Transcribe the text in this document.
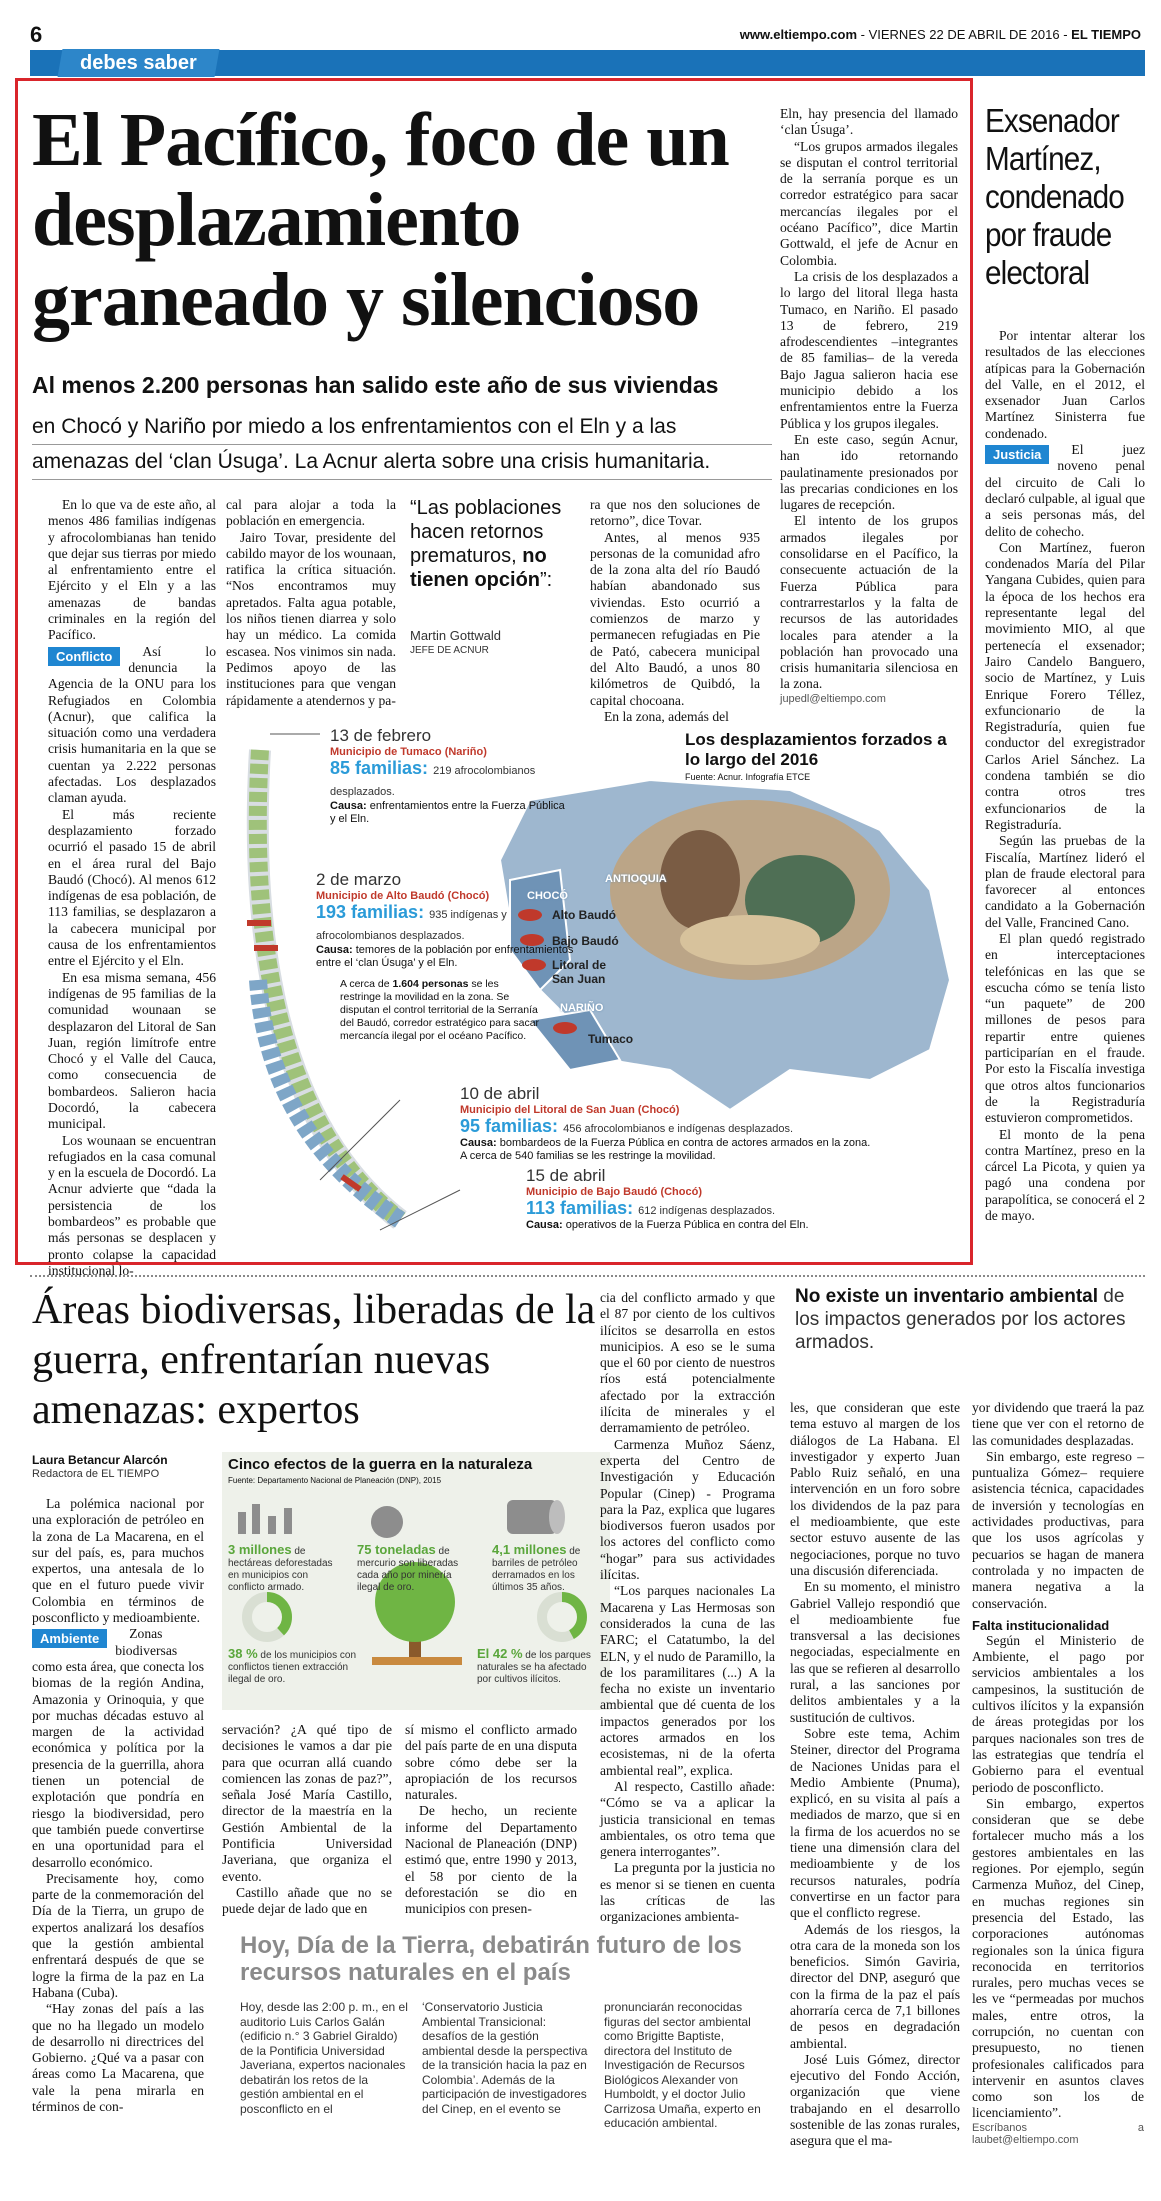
6	www.eltiempo.com - VIERNES 22 DE ABRIL DE 2016 - EL TIEMPO
debes saber
El Pacífico, foco de un desplazamiento graneado y silencioso
Al menos 2.200 personas han salido este año de sus viviendas
en Chocó y Nariño por miedo a los enfrentamientos con el Eln y a las
amenazas del ‘clan Úsuga’. La Acnur alerta sobre una crisis humanitaria.

En lo que va de este año, al menos 486 familias indígenas y afrocolombianas han tenido que dejar sus tierras por miedo al enfrentamiento entre el Ejército y el Eln y a las amenazas de bandas criminales en la región del Pacífico.

Conflicto	Así lo denuncia la Agencia de la ONU para los Refugiados en Colombia (Acnur), que califica la situación como una verdadera crisis humanitaria en la que se cuentan ya 2.222 personas afectadas. Los desplazados claman ayuda.

El más reciente desplazamiento forzado ocurrió el pasado 15 de abril en el área rural del Bajo Baudó (Chocó). Al menos 612 indígenas de esa población, de 113 familias, se desplazaron a la cabecera municipal por causa de los enfrentamientos entre el Ejército y el Eln.

En esa misma semana, 456 indígenas de 95 familias de la comunidad wounaan se desplazaron del Litoral de San Juan, región limítrofe entre Chocó y el Valle del Cauca, como consecuencia de bombardeos. Salieron hacia Docordó, la cabecera municipal.

Los wounaan se encuentran refugiados en la casa comunal y en la escuela de Docordó. La Acnur advierte que “dada la persistencia de los bombardeos” es probable que más personas se desplacen y pronto colapse la capacidad institucional lo-

cal para alojar a toda la población en emergencia.

Jairo Tovar, presidente del cabildo mayor de los wounaan, ratifica la crítica situación. “Nos encontramos muy apretados. Falta agua potable, los niños tienen diarrea y solo hay un médico. La comida escasea. Nos vinimos sin nada. Pedimos apoyo de las instituciones para que vengan rápidamente a atendernos y pa-

“Las poblaciones hacen retornos prematuros, no tienen opción”:
Martin Gottwald
JEFE DE ACNUR

ra que nos den soluciones de retorno”, dice Tovar.

Antes, al menos 935 personas de la comunidad afro de la zona alta del río Baudó habían abandonado sus viviendas. Esto ocurrió a comienzos de marzo y permanecen refugiadas en Pie de Pató, cabecera municipal del Alto Baudó, a unos 80 kilómetros de Quibdó, la capital chocoana.

En la zona, además del

Eln, hay presencia del llamado ‘clan Úsuga’.

“Los grupos armados ilegales se disputan el control territorial de la serranía porque es un corredor estratégico para sacar mercancías ilegales por el océano Pacífico”, dice Martin Gottwald, el jefe de Acnur en Colombia.

La crisis de los desplazados a lo largo del litoral llega hasta Tumaco, en Nariño. El pasado 13 de febrero, 219 afrodescendientes –integrantes de 85 familias– de la vereda Bajo Jagua salieron hacia ese municipio debido a los enfrentamientos entre la Fuerza Pública y los grupos ilegales.

En este caso, según Acnur, han ido retornando paulatinamente presionados por las precarias condiciones en los lugares de recepción.

El intento de los grupos armados ilegales por consolidarse en el Pacífico, la consecuente actuación de la Fuerza Pública para contrarrestarlos y la falta de recursos de las autoridades locales para atender a la población han provocado una crisis humanitaria silenciosa en la zona.

jupedl@eltiempo.com
Los desplazamientos forzados a lo largo del 2016
Fuente: Acnur. Infografía ETCE
13 de febrero
Municipio de Tumaco (Nariño)
85 familias: 219 afrocolombianos desplazados.
Causa: enfrentamientos entre la Fuerza Pública y el Eln.
2 de marzo
Municipio de Alto Baudó (Chocó)
193 familias: 935 indígenas y afrocolombianos desplazados.
Causa: temores de la población por enfrentamientos entre el ‘clan Úsuga’ y el Eln.
A cerca de 1.604 personas se les restringe la movilidad en la zona. Se disputan el control territorial de la Serranía del Baudó, corredor estratégico para sacar mercancía ilegal por el océano Pacífico.
10 de abril
Municipio del Litoral de San Juan (Chocó)
95 familias: 456 afrocolombianos e indígenas desplazados.
Causa: bombardeos de la Fuerza Pública en contra de actores armados en la zona.
A cerca de 540 familias se les restringe la movilidad.
15 de abril
Municipio de Bajo Baudó (Chocó)
113 familias: 612 indígenas desplazados.
Causa: operativos de la Fuerza Pública en contra del Eln.
ANTIOQUIA
CHOCÓ
NARIÑO
Alto Baudó
Bajo Baudó
Litoral de San Juan
Tumaco
Exsenador Martínez, condenado por fraude electoral

Por intentar alterar los resultados de las elecciones atípicas para la Gobernación del Valle, en el 2012, el exsenador Juan Carlos Martínez Sinisterra fue condenado.

Justicia	El juez noveno penal del circuito de Cali lo declaró culpable, al igual que a seis personas más, del delito de cohecho.

Con Martínez, fueron condenados María del Pilar Yangana Cubides, quien para la época de los hechos era representante legal del movimiento MIO, al que pertenecía el exsenador; Jairo Candelo Banguero, socio de Martínez, y Luis Enrique Forero Téllez, exfuncionario de la Registraduría, quien fue conductor del exregistrador Carlos Ariel Sánchez. La condena también se dio contra otros tres exfuncionarios de la Registraduría.

Según las pruebas de la Fiscalía, Martínez lideró el plan de fraude electoral para favorecer al entonces candidato a la Gobernación del Valle, Francined Cano.

El plan quedó registrado en interceptaciones telefónicas en las que se escucha cómo se tenía listo “un paquete” de 200 millones de pesos para repartir entre quienes participarían en el fraude. Por esto la Fiscalía investiga que otros altos funcionarios de la Registraduría estuvieron comprometidos.

El monto de la pena contra Martínez, preso en la cárcel La Picota, y quien ya pagó una condena por parapolítica, se conocerá el 2 de mayo.

Áreas biodiversas, liberadas de la guerra, enfrentarían nuevas amenazas: expertos
Laura Betancur Alarcón
Redactora de EL TIEMPO

La polémica nacional por una exploración de petróleo en la zona de La Macarena, en el sur del país, es, para muchos expertos, una antesala de lo que en el futuro puede vivir Colombia en términos de posconflicto y medioambiente.

Ambiente	Zonas biodiversas como esta área, que conecta los biomas de la región Andina, Amazonia y Orinoquia, y que por muchas décadas estuvo al margen de la actividad económica y política por la presencia de la guerrilla, ahora tienen un potencial de explotación que pondría en riesgo la biodiversidad, pero que también puede convertirse en una oportunidad para el desarrollo económico.

Precisamente hoy, como parte de la conmemoración del Día de la Tierra, un grupo de expertos analizará los desafíos que la gestión ambiental enfrentará después de que se logre la firma de la paz en La Habana (Cuba).

“Hay zonas del país a las que no ha llegado un modelo de desarrollo ni directrices del Gobierno. ¿Qué va a pasar con áreas como La Macarena, que vale la pena mirarla en términos de con-

Cinco efectos de la guerra en la naturaleza
Fuente: Departamento Nacional de Planeación (DNP), 2015
3 millones de hectáreas deforestadas en municipios con conflicto armado.
75 toneladas de mercurio son liberadas cada año por minería ilegal de oro.
4,1 millones de barriles de petróleo derramados en los últimos 35 años.
38 % de los municipios con conflictos tienen extracción ilegal de oro.
El 42 % de los parques naturales se ha afectado por cultivos ilícitos.

servación? ¿A qué tipo de decisiones le vamos a dar pie para que ocurran allá cuando comiencen las zonas de paz?”, señala José María Castillo, director de la maestría en la Gestión Ambiental de la Pontificia Universidad Javeriana, que organiza el evento.

Castillo añade que no se puede dejar de lado que en

sí mismo el conflicto armado del país parte de en una disputa sobre cómo debe ser la apropiación de los recursos naturales.

De hecho, un reciente informe del Departamento Nacional de Planeación (DNP) estimó que, entre 1990 y 2013, el 58 por ciento de la deforestación se dio en municipios con presen-

cia del conflicto armado y que el 87 por ciento de los cultivos ilícitos se desarrolla en estos municipios. A eso se le suma que el 60 por ciento de nuestros ríos está potencialmente afectado por la extracción ilícita de minerales y el derramamiento de petróleo.

Carmenza Muñoz Sáenz, experta del Centro de Investigación y Educación Popular (Cinep) - Programa para la Paz, explica que lugares biodiversos fueron usados por los actores del conflicto como “hogar” para sus actividades ilícitas.

“Los parques nacionales La Macarena y Las Hermosas son considerados la cuna de las FARC; el Catatumbo, la del ELN, y el nudo de Paramillo, la de los paramilitares (...) A la fecha no existe un inventario ambiental que dé cuenta de los impactos generados por los actores armados en los ecosistemas, ni de la oferta ambiental real”, explica.

Al respecto, Castillo añade: “Cómo se va a aplicar la justicia transicional en temas ambientales, os otro tema que genera interrogantes”.

La pregunta por la justicia no es menor si se tienen en cuenta las críticas de las organizaciones ambienta-

No existe un inventario ambiental de los impactos generados por los actores armados.

les, que consideran que este tema estuvo al margen de los diálogos de La Habana. El investigador y experto Juan Pablo Ruiz señaló, en una intervención en un foro sobre los dividendos de la paz para el medioambiente, que este sector estuvo ausente de las negociaciones, porque no tuvo una discusión diferenciada.

En su momento, el ministro Gabriel Vallejo respondió que el medioambiente fue transversal a las decisiones negociadas, especialmente en las que se refieren al desarrollo rural, a las sanciones por delitos ambientales y a la sustitución de cultivos.

Sobre este tema, Achim Steiner, director del Programa de Naciones Unidas para el Medio Ambiente (Pnuma), explicó, en su visita al país a mediados de marzo, que si en la firma de los acuerdos no se tiene una dimensión clara del medioambiente y de los recursos naturales, podría convertirse en un factor para que el conflicto regrese.

Además de los riesgos, la otra cara de la moneda son los beneficios. Simón Gaviria, director del DNP, aseguró que con la firma de la paz el país ahorraría cerca de 7,1 billones de pesos en degradación ambiental.

José Luis Gómez, director ejecutivo del Fondo Acción, organización que viene trabajando en el desarrollo sostenible de las zonas rurales, asegura que el ma-

yor dividendo que traerá la paz tiene que ver con el retorno de las comunidades desplazadas.

Sin embargo, este regreso –puntualiza Gómez– requiere asistencia técnica, capacidades de inversión y tecnologías en actividades productivas, para que los usos agrícolas y pecuarios se hagan de manera controlada y no impacten de manera negativa a la conservación.

Falta institucionalidad

Según el Ministerio de Ambiente, el pago por servicios ambientales a los campesinos, la sustitución de cultivos ilícitos y la expansión de áreas protegidas por los parques nacionales son tres de las estrategias que tendría el Gobierno para el eventual periodo de posconflicto.

Sin embargo, expertos consideran que se debe fortalecer mucho más a los gestores ambientales en las regiones. Por ejemplo, según Carmenza Muñoz, del Cinep, en muchas regiones sin presencia del Estado, las corporaciones autónomas regionales son la única figura reconocida en territorios rurales, pero muchas veces se les ve “permeadas por muchos males, entre otros, la corrupción, no cuentan con presupuesto, no tienen profesionales calificados para intervenir en asuntos claves como son los de licenciamiento”.

Escríbanos a laubet@eltiempo.com
Hoy, Día de la Tierra, debatirán futuro de los recursos naturales en el país
Hoy, desde las 2:00 p. m., en el auditorio Luis Carlos Galán (edificio n.° 3 Gabriel Giraldo) de la Pontificia Universidad Javeriana, expertos nacionales debatirán los retos de la gestión ambiental en el posconflicto en el
‘Conservatorio Justicia Ambiental Transicional: desafíos de la gestión ambiental desde la perspectiva de la transición hacia la paz en Colombia’. Además de la participación de investigadores del Cinep, en el evento se
pronunciarán reconocidas figuras del sector ambiental como Brigitte Baptiste, directora del Instituto de Investigación de Recursos Biológicos Alexander von Humboldt, y el doctor Julio Carrizosa Umaña, experto en educación ambiental.
